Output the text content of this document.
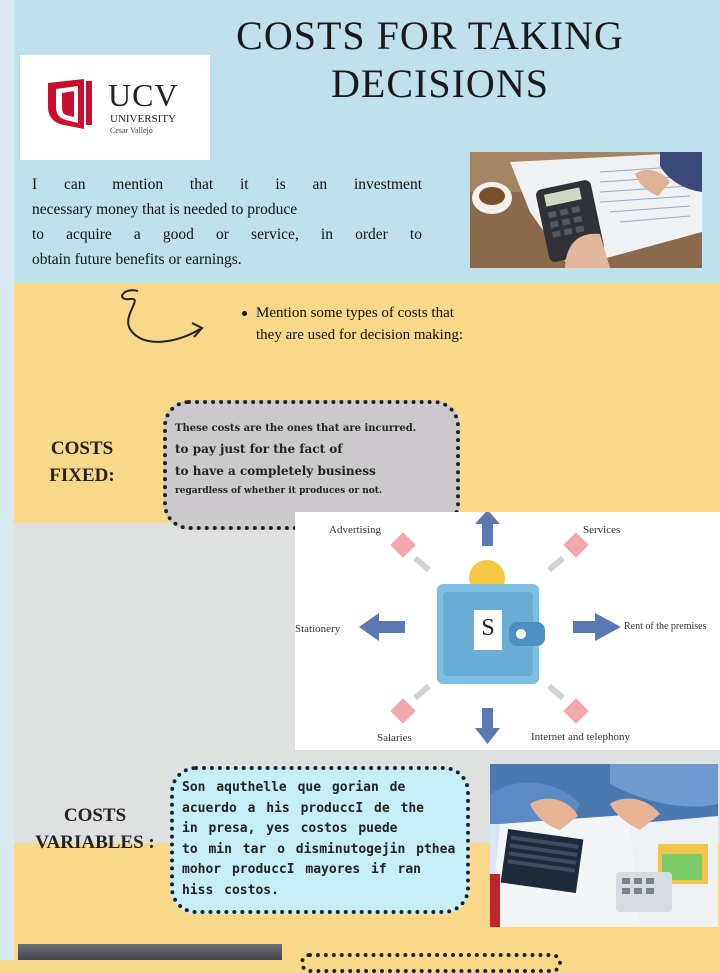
COSTS FOR TAKING
DECISIONS
UCV
UNIVERSITY
Cesar Vallejo
I can mention that it is an investment
necessary money that is needed to produce
to acquire a good or service, in order to
obtain future benefits or earnings.
Mention some types of costs that
they are used for decision making:
COSTS
FIXED:
These costs are the ones that are incurred.
to pay just for the fact of
to have a completely business
regardless of whether it produces or not.
S
Advertising	Services
Stationery	Rent of the premises
Salaries	Internet and telephony
COSTS
VARIABLES :
Son aquthelle que gorian de
acuerdo a his produccI de the
in presa, yes costos puede
to min tar o disminutogejin pthea
mohor produccI mayores if ran
hiss costos.
